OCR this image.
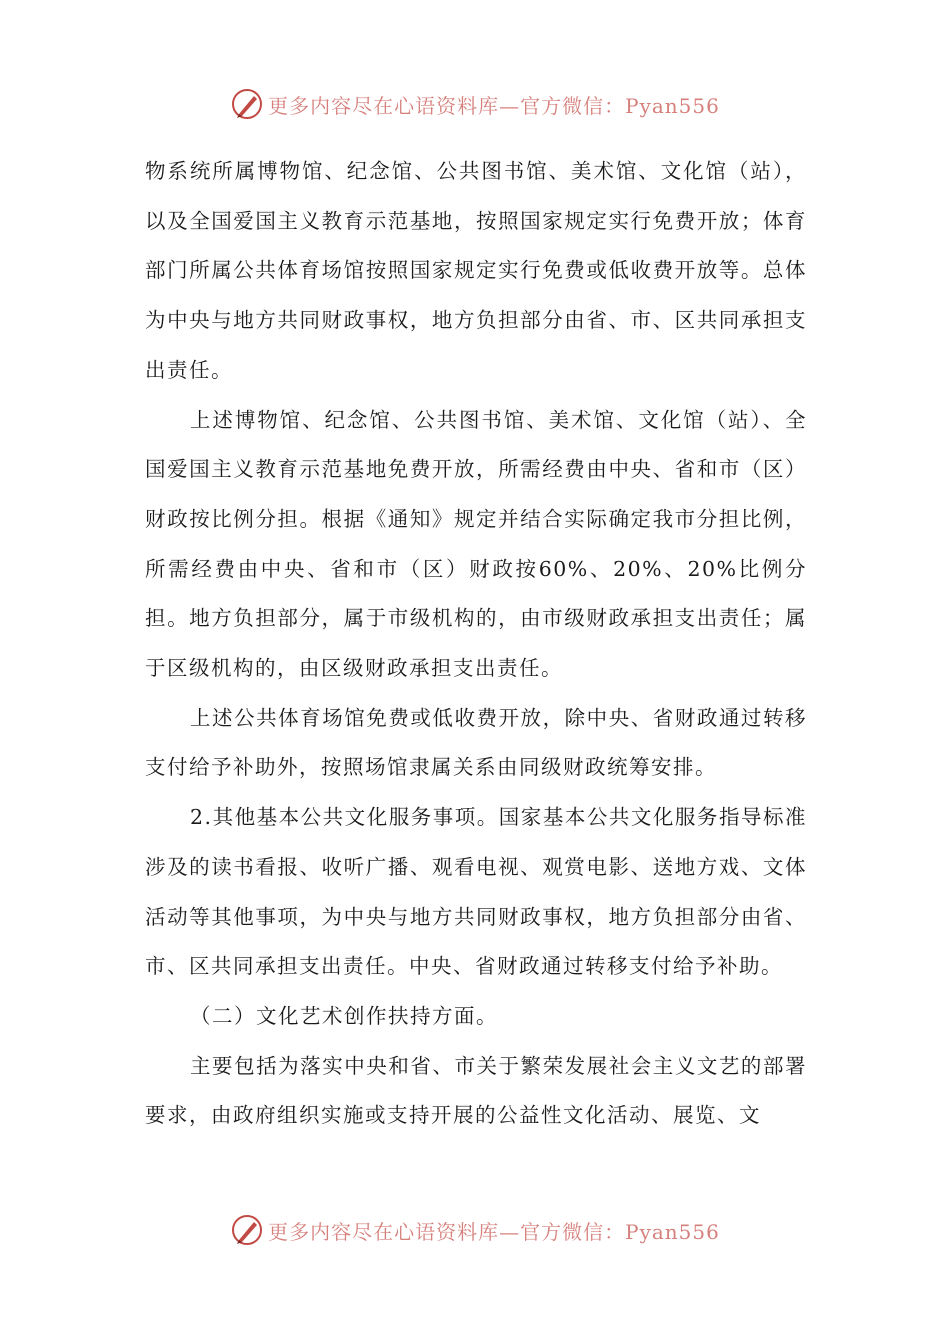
更多内容尽在心语资料库—官方微信：Pyan556

物系统所属博物馆、纪念馆、公共图书馆、美术馆、文化馆（站），以及全国爱国主义教育示范基地，按照国家规定实行免费开放；体育部门所属公共体育场馆按照国家规定实行免费或低收费开放等。总体为中央与地方共同财政事权，地方负担部分由省、市、区共同承担支出责任。

上述博物馆、纪念馆、公共图书馆、美术馆、文化馆（站）、全国爱国主义教育示范基地免费开放，所需经费由中央、省和市（区）财政按比例分担。根据《通知》规定并结合实际确定我市分担比例，所需经费由中央、省和市（区）财政按60%、20%、20%比例分担。地方负担部分，属于市级机构的，由市级财政承担支出责任；属于区级机构的，由区级财政承担支出责任。

上述公共体育场馆免费或低收费开放，除中央、省财政通过转移支付给予补助外，按照场馆隶属关系由同级财政统筹安排。

2.其他基本公共文化服务事项。国家基本公共文化服务指导标准涉及的读书看报、收听广播、观看电视、观赏电影、送地方戏、文体活动等其他事项，为中央与地方共同财政事权，地方负担部分由省、市、区共同承担支出责任。中央、省财政通过转移支付给予补助。

（二）文化艺术创作扶持方面。

主要包括为落实中央和省、市关于繁荣发展社会主义文艺的部署要求，由政府组织实施或支持开展的公益性文化活动、展览、文

更多内容尽在心语资料库—官方微信：Pyan556
